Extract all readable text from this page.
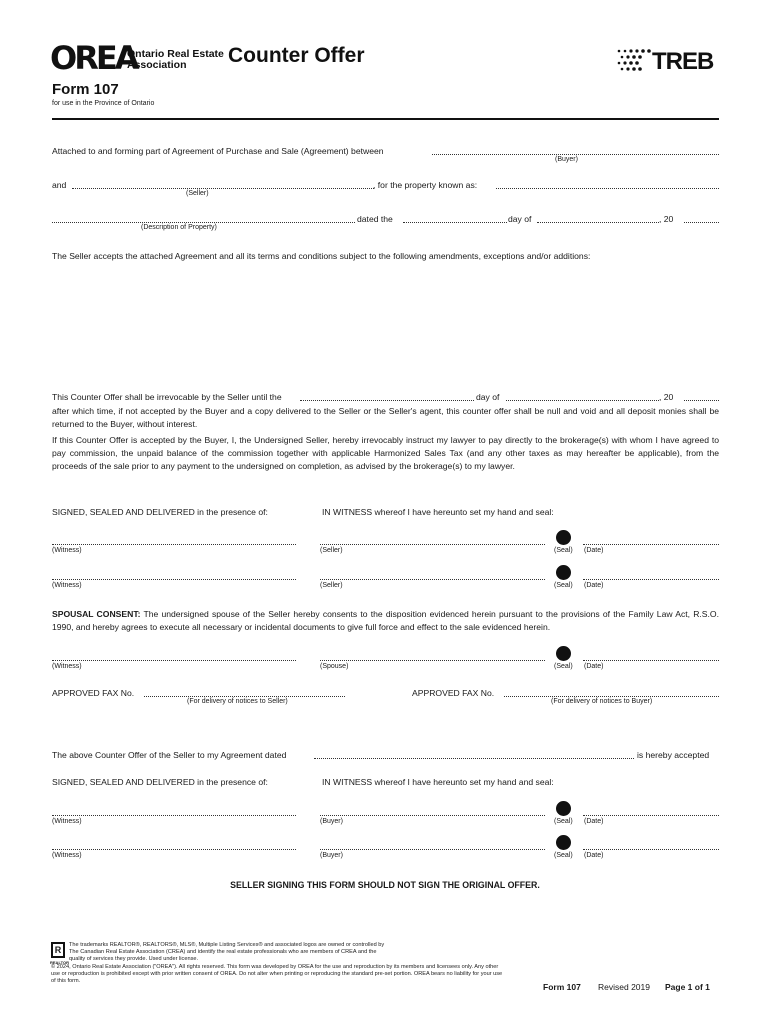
OREA
Ontario Real Estate Association	Counter Offer	TREB
Form 107
for use in the Province of Ontario
Attached to and forming part of Agreement of Purchase and Sale (Agreement) between
(Buyer)
and
(Seller)
, for the property known as:
(Description of Property)
dated the	day of	, 20
The Seller accepts the attached Agreement and all its terms and conditions subject to the following amendments, exceptions and/or additions:
This Counter Offer shall be irrevocable by the Seller until the	day of	, 20
after which time, if not accepted by the Buyer and a copy delivered to the Seller or the Seller's agent, this counter offer shall be null and void and all deposit monies shall be returned to the Buyer, without interest.
If this Counter Offer is accepted by the Buyer, I, the Undersigned Seller, hereby irrevocably instruct my lawyer to pay directly to the brokerage(s) with whom I have agreed to pay commission, the unpaid balance of the commission together with applicable Harmonized Sales Tax (and any other taxes as may hereafter be applicable), from the proceeds of the sale prior to any payment to the undersigned on completion, as advised by the brokerage(s) to my lawyer.
SIGNED, SEALED AND DELIVERED in the presence of:	IN WITNESS whereof I have hereunto set my hand and seal:
(Witness)	(Seller)	(Seal) (Date)
(Witness)	(Seller)	(Seal) (Date)
SPOUSAL CONSENT: The undersigned spouse of the Seller hereby consents to the disposition evidenced herein pursuant to the provisions of the Family Law Act, R.S.O. 1990, and hereby agrees to execute all necessary or incidental documents to give full force and effect to the sale evidenced herein.
(Witness)	(Spouse)	(Seal) (Date)
APPROVED FAX No.
(For delivery of notices to Seller)
APPROVED FAX No.
(For delivery of notices to Buyer)
The above Counter Offer of the Seller to my Agreement dated	is hereby accepted
SIGNED, SEALED AND DELIVERED in the presence of:	IN WITNESS whereof I have hereunto set my hand and seal:
(Witness)	(Buyer)	(Seal) (Date)
(Witness)	(Buyer)	(Seal) (Date)
SELLER SIGNING THIS FORM SHOULD NOT SIGN THE ORIGINAL OFFER.
R
REALTOR
The trademarks REALTOR®, REALTORS®, MLS®, Multiple Listing Services® and associated logos are owned or controlled by
The Canadian Real Estate Association (CREA) and identify the real estate professionals who are members of CREA and the
quality of services they provide. Used under license.
© 2024, Ontario Real Estate Association ("OREA"). All rights reserved. This form was developed by OREA for the use and reproduction by its members and licensees only. Any other use or reproduction is prohibited except with prior written consent of OREA. Do not alter when printing or reproducing the standard pre-set portion. OREA bears no liability for your use of this form.
Form 107 Revised 2019 Page 1 of 1
